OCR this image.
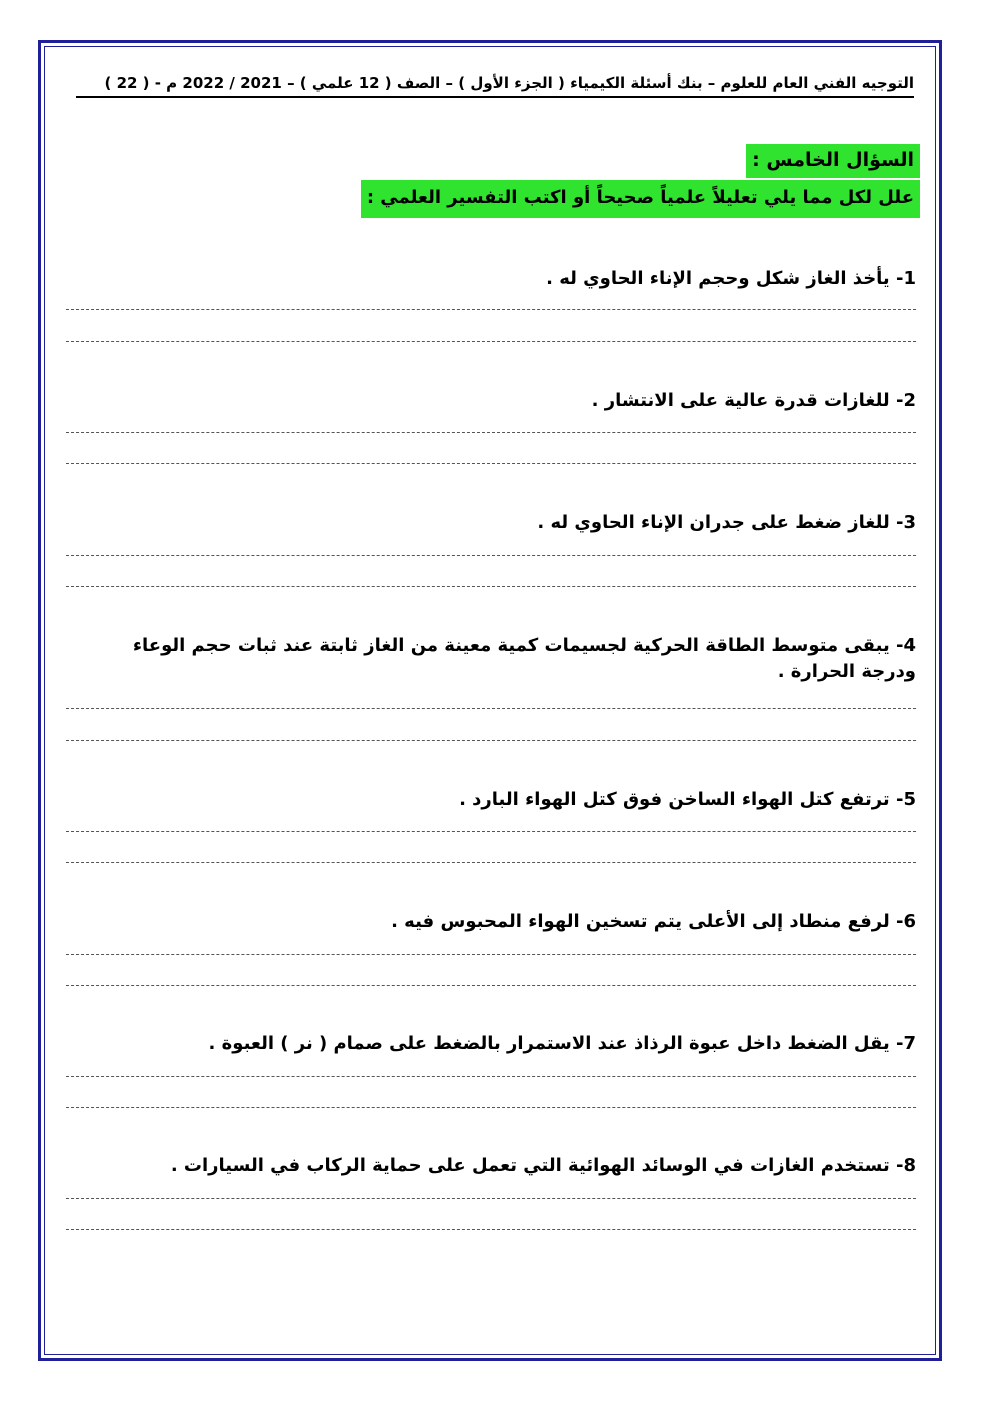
التوجيه الفني العام للعلوم – بنك أسئلة الكيمياء ( الجزء الأول ) – الصف ( 12 علمي ) – 2021 / 2022 م - ( 22 )
السؤال الخامس :
علل لكل مما يلي تعليلاً علمياً صحيحاً أو اكتب التفسير العلمي :
1- يأخذ الغاز شكل وحجم الإناء الحاوي له .
2- للغازات قدرة عالية على الانتشار .
3- للغاز ضغط على جدران الإناء الحاوي له .
4- يبقى متوسط الطاقة الحركية لجسيمات كمية معينة من الغاز ثابتة عند ثبات حجم الوعاء ودرجة الحرارة .
5- ترتفع كتل الهواء الساخن فوق كتل الهواء البارد .
6- لرفع منطاد إلى الأعلى يتم تسخين الهواء المحبوس فيه .
7- يقل الضغط داخل عبوة الرذاذ عند الاستمرار بالضغط على صمام ( نر ) العبوة .
8- تستخدم الغازات في الوسائد الهوائية التي تعمل على حماية الركاب في السيارات .
